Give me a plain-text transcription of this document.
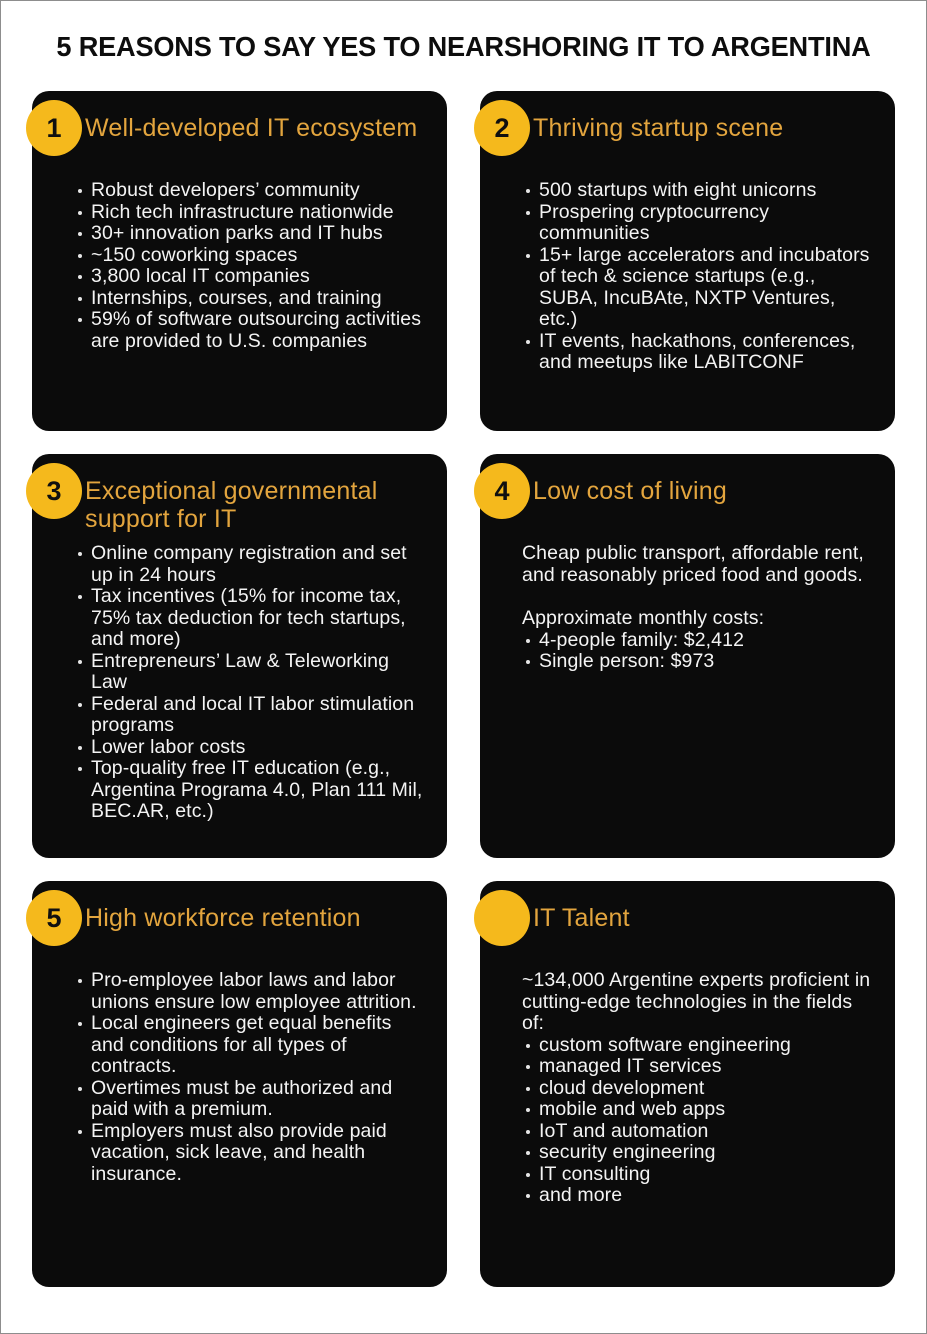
5 REASONS TO SAY YES TO NEARSHORING IT TO ARGENTINA
1 Well-developed IT ecosystem
Robust developers’ community
Rich tech infrastructure nationwide
30+ innovation parks and IT hubs
~150 coworking spaces
3,800 local IT companies
Internships, courses, and training
59% of software outsourcing activities are provided to U.S. companies
2 Thriving startup scene
500 startups with eight unicorns
Prospering cryptocurrency communities
15+ large accelerators and incubators of tech & science startups (e.g., SUBA, IncuBAte, NXTP Ventures, etc.)
IT events, hackathons, conferences, and meetups like LABITCONF
3 Exceptional governmental support for IT
Online company registration and set up in 24 hours
Tax incentives (15% for income tax, 75% tax deduction for tech startups, and more)
Entrepreneurs’ Law & Teleworking Law
Federal and local IT labor stimulation programs
Lower labor costs
Top-quality free IT education (e.g., Argentina Programa 4.0, Plan 111 Mil, BEC.AR, etc.)
4 Low cost of living

Cheap public transport, affordable rent, and reasonably priced food and goods.

Approximate monthly costs:

4-people family: $2,412
Single person: $973
5 High workforce retention
Pro-employee labor laws and labor unions ensure low employee attrition.
Local engineers get equal benefits and conditions for all types of contracts.
Overtimes must be authorized and paid with a premium.
Employers must also provide paid vacation, sick leave, and health insurance.
IT Talent

~134,000 Argentine experts proficient in cutting-edge technologies in the fields of:

custom software engineering
managed IT services
cloud development
mobile and web apps
IoT and automation
security engineering
IT consulting
and more
